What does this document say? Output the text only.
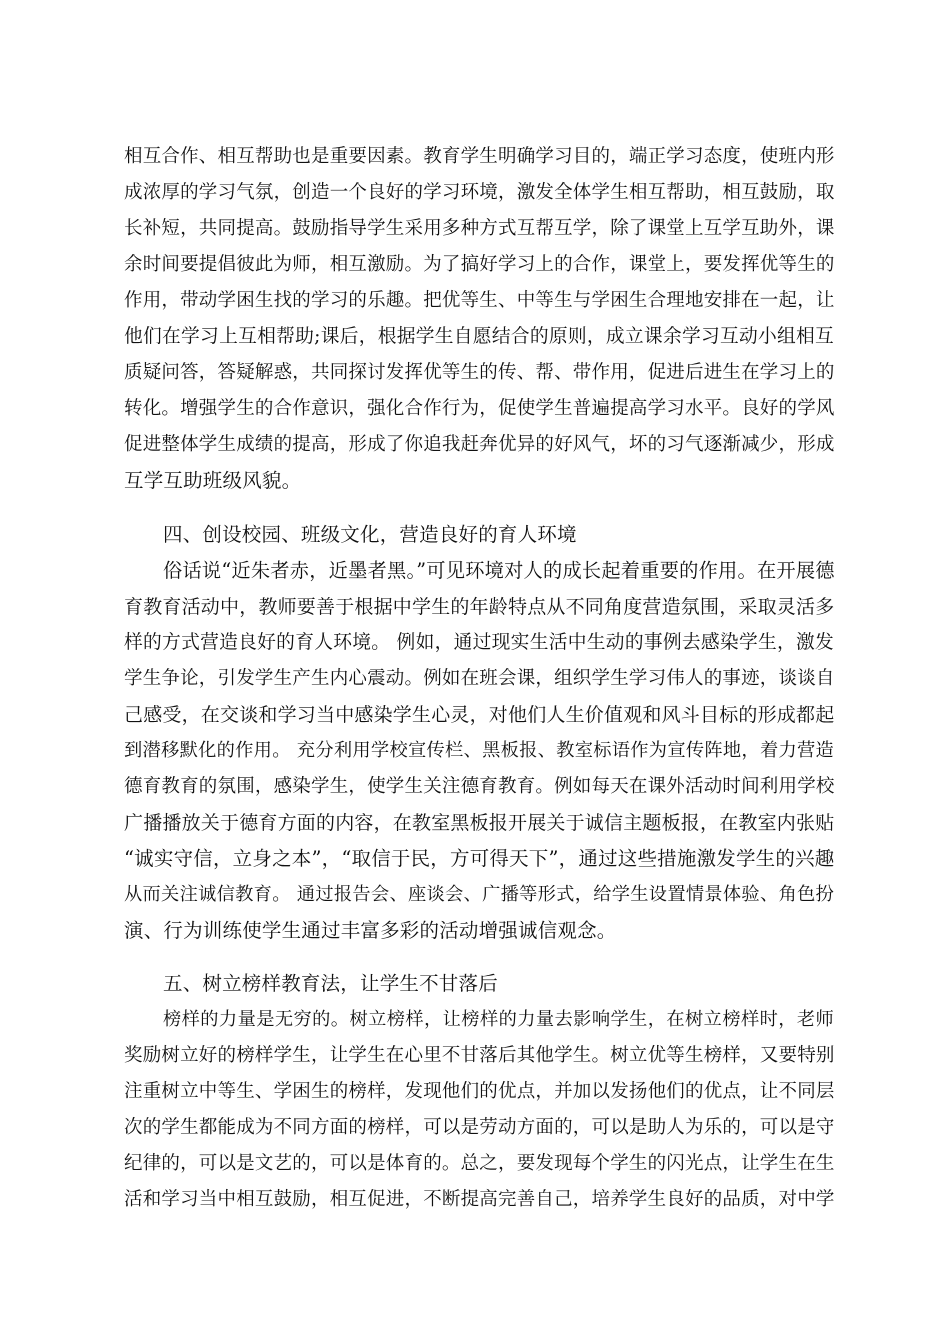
相互合作、相互帮助也是重要因素。教育学生明确学习目的，端正学习态度，使班内形
成浓厚的学习气氛，创造一个良好的学习环境，激发全体学生相互帮助，相互鼓励，取
长补短，共同提高。鼓励指导学生采用多种方式互帮互学，除了课堂上互学互助外，课
余时间要提倡彼此为师，相互激励。为了搞好学习上的合作，课堂上，要发挥优等生的
作用，带动学困生找的学习的乐趣。把优等生、中等生与学困生合理地安排在一起，让
他们在学习上互相帮助;课后，根据学生自愿结合的原则，成立课余学习互动小组相互
质疑问答，答疑解惑，共同探讨发挥优等生的传、帮、带作用，促进后进生在学习上的
转化。增强学生的合作意识，强化合作行为，促使学生普遍提高学习水平。良好的学风
促进整体学生成绩的提高，形成了你追我赶奔优异的好风气，坏的习气逐渐减少，形成
互学互助班级风貌。
四、创设校园、班级文化，营造良好的育人环境
俗话说“近朱者赤，近墨者黑。”可见环境对人的成长起着重要的作用。在开展德
育教育活动中，教师要善于根据中学生的年龄特点从不同角度营造氛围，采取灵活多
样的方式营造良好的育人环境。 例如，通过现实生活中生动的事例去感染学生，激发
学生争论，引发学生产生内心震动。例如在班会课，组织学生学习伟人的事迹，谈谈自
己感受，在交谈和学习当中感染学生心灵，对他们人生价值观和风斗目标的形成都起
到潜移默化的作用。 充分利用学校宣传栏、黑板报、教室标语作为宣传阵地，着力营造
德育教育的氛围，感染学生，使学生关注德育教育。例如每天在课外活动时间利用学校
广播播放关于德育方面的内容，在教室黑板报开展关于诚信主题板报，在教室内张贴
“诚实守信，立身之本”，“取信于民，方可得天下”，通过这些措施激发学生的兴趣
从而关注诚信教育。 通过报告会、座谈会、广播等形式，给学生设置情景体验、角色扮
演、行为训练使学生通过丰富多彩的活动增强诚信观念。
五、树立榜样教育法，让学生不甘落后
榜样的力量是无穷的。树立榜样，让榜样的力量去影响学生，在树立榜样时，老师
奖励树立好的榜样学生，让学生在心里不甘落后其他学生。树立优等生榜样，又要特别
注重树立中等生、学困生的榜样，发现他们的优点，并加以发扬他们的优点，让不同层
次的学生都能成为不同方面的榜样，可以是劳动方面的，可以是助人为乐的，可以是守
纪律的，可以是文艺的，可以是体育的。总之，要发现每个学生的闪光点，让学生在生
活和学习当中相互鼓励，相互促进，不断提高完善自己，培养学生良好的品质，对中学
